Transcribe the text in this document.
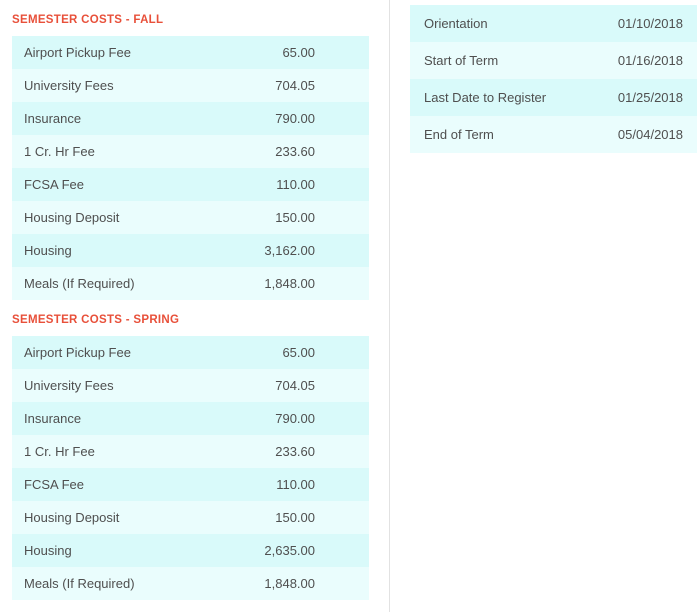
SEMESTER COSTS - FALL
Airport Pickup Fee	65.00
University Fees	704.05
Insurance	790.00
1 Cr. Hr Fee	233.60
FCSA Fee	110.00
Housing Deposit	150.00
Housing	3,162.00
Meals (If Required)	1,848.00
SEMESTER COSTS - SPRING
Airport Pickup Fee	65.00
University Fees	704.05
Insurance	790.00
1 Cr. Hr Fee	233.60
FCSA Fee	110.00
Housing Deposit	150.00
Housing	2,635.00
Meals (If Required)	1,848.00
Orientation	01/10/2018
Start of Term	01/16/2018
Last Date to Register	01/25/2018
End of Term	05/04/2018
